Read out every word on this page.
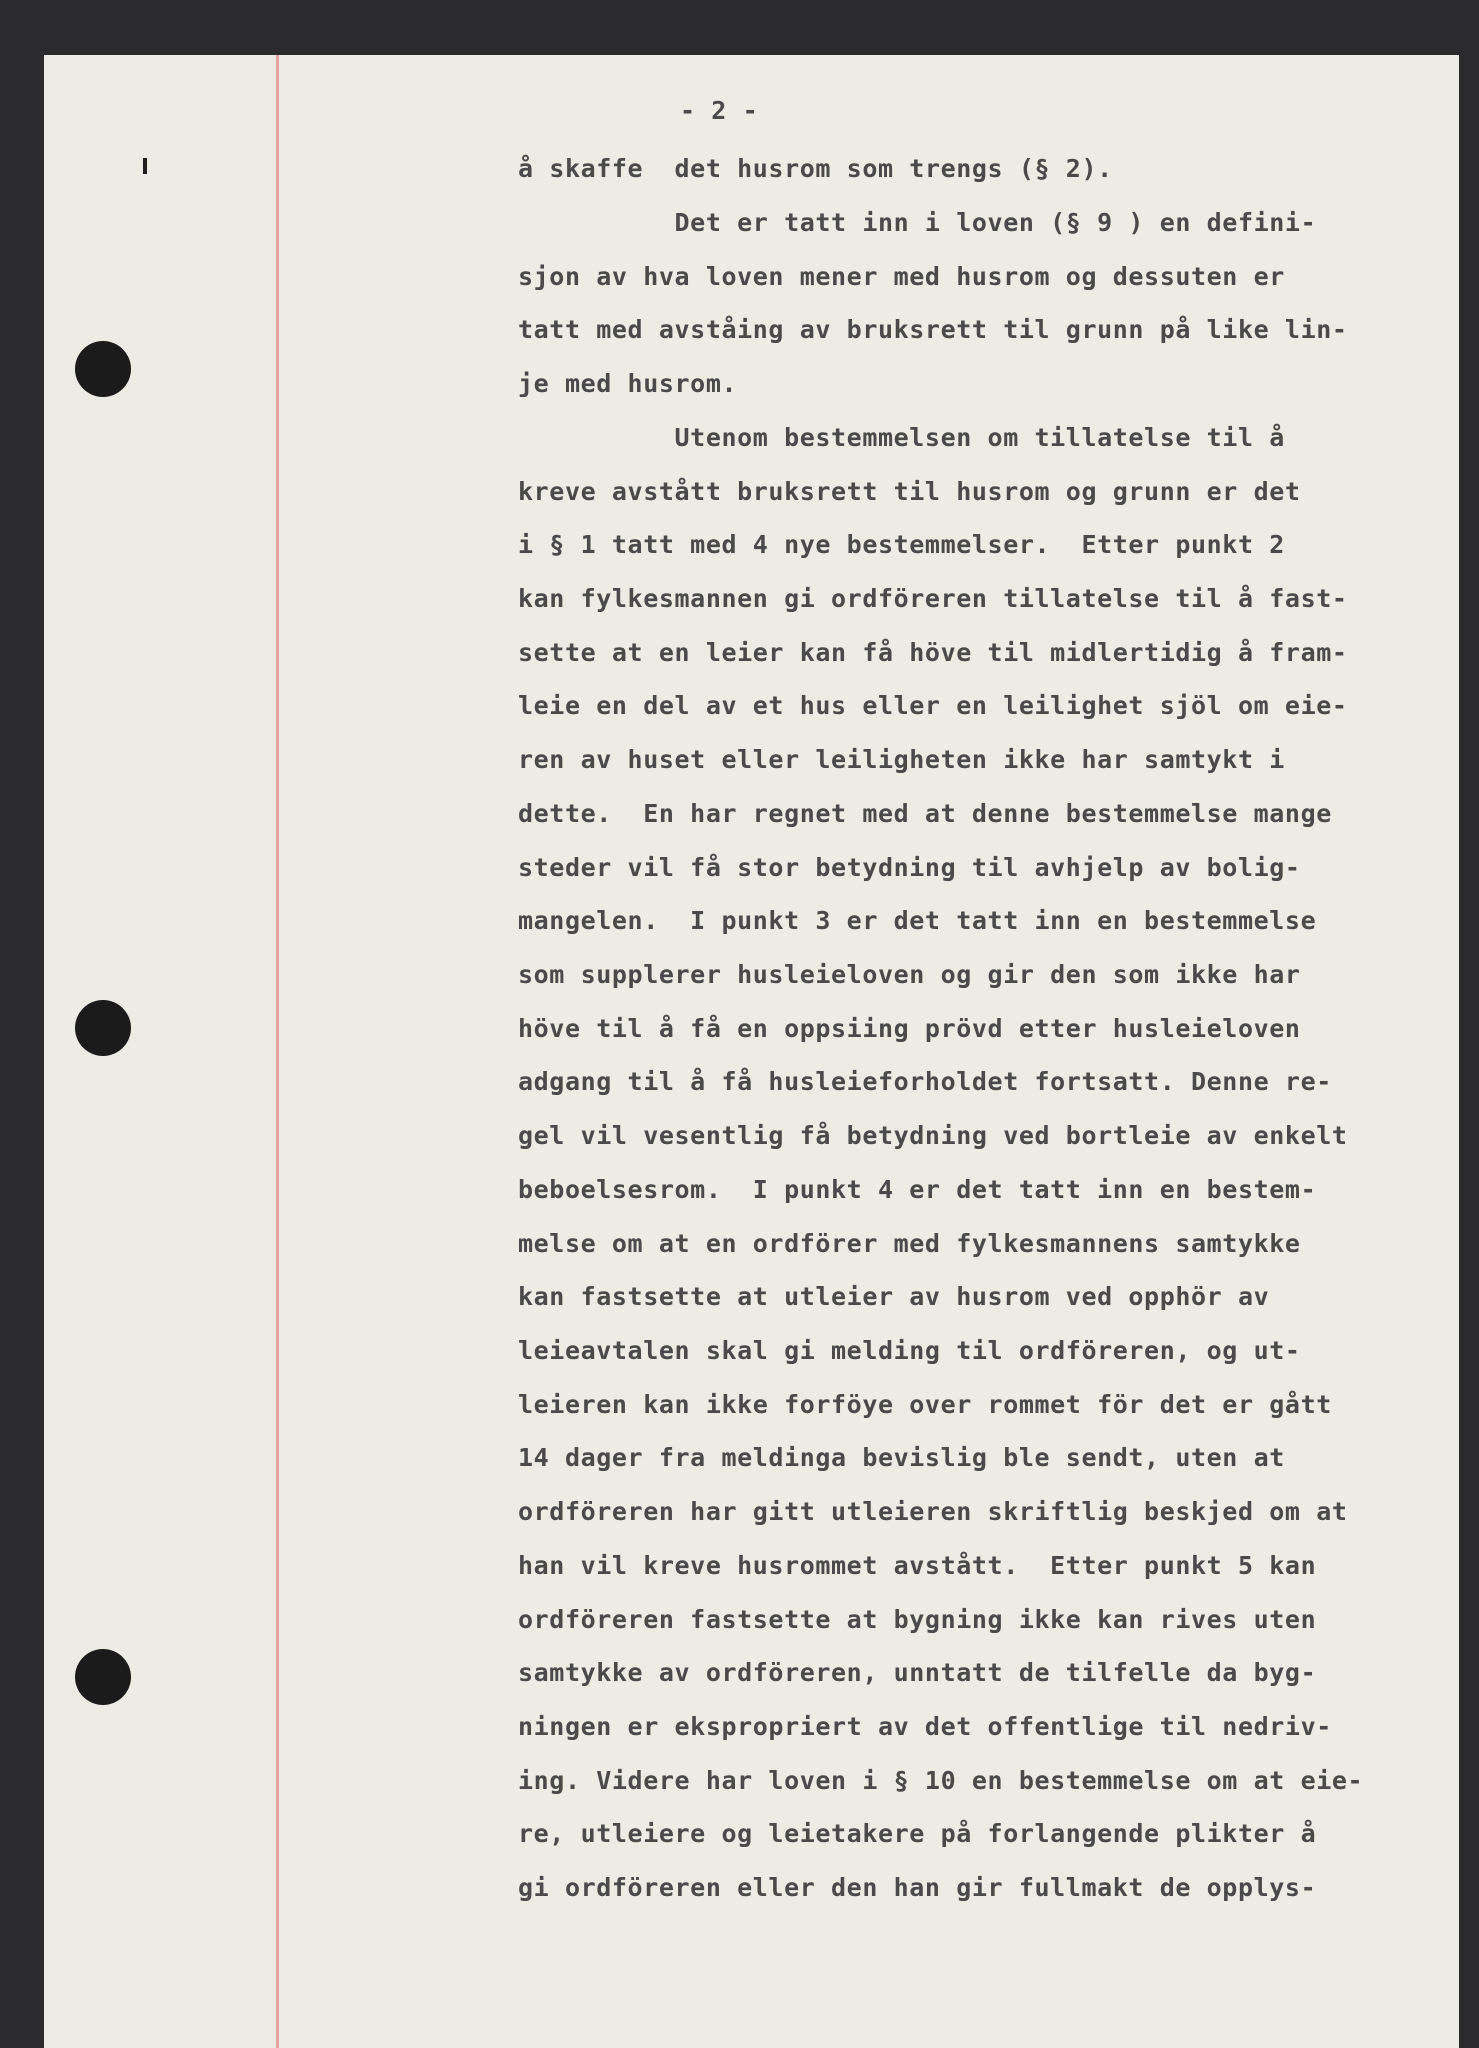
- 2 -
å skaffe  det husrom som trengs (§ 2).
Det er tatt inn i loven (§ 9 ) en defini-
sjon av hva loven mener med husrom og dessuten er
tatt med avståing av bruksrett til grunn på like lin-
je med husrom.
Utenom bestemmelsen om tillatelse til å
kreve avstått bruksrett til husrom og grunn er det
i § 1 tatt med 4 nye bestemmelser.  Etter punkt 2
kan fylkesmannen gi ordföreren tillatelse til å fast-
sette at en leier kan få höve til midlertidig å fram-
leie en del av et hus eller en leilighet sjöl om eie-
ren av huset eller leiligheten ikke har samtykt i
dette.  En har regnet med at denne bestemmelse mange
steder vil få stor betydning til avhjelp av bolig-
mangelen.  I punkt 3 er det tatt inn en bestemmelse
som supplerer husleieloven og gir den som ikke har
höve til å få en oppsiing prövd etter husleieloven
adgang til å få husleieforholdet fortsatt. Denne re-
gel vil vesentlig få betydning ved bortleie av enkelt
beboelsesrom.  I punkt 4 er det tatt inn en bestem-
melse om at en ordförer med fylkesmannens samtykke
kan fastsette at utleier av husrom ved opphör av
leieavtalen skal gi melding til ordföreren, og ut-
leieren kan ikke forföye over rommet för det er gått
14 dager fra meldinga bevislig ble sendt, uten at
ordföreren har gitt utleieren skriftlig beskjed om at
han vil kreve husrommet avstått.  Etter punkt 5 kan
ordföreren fastsette at bygning ikke kan rives uten
samtykke av ordföreren, unntatt de tilfelle da byg-
ningen er ekspropriert av det offentlige til nedriv-
ing. Videre har loven i § 10 en bestemmelse om at eie-
re, utleiere og leietakere på forlangende plikter å
gi ordföreren eller den han gir fullmakt de opplys-
